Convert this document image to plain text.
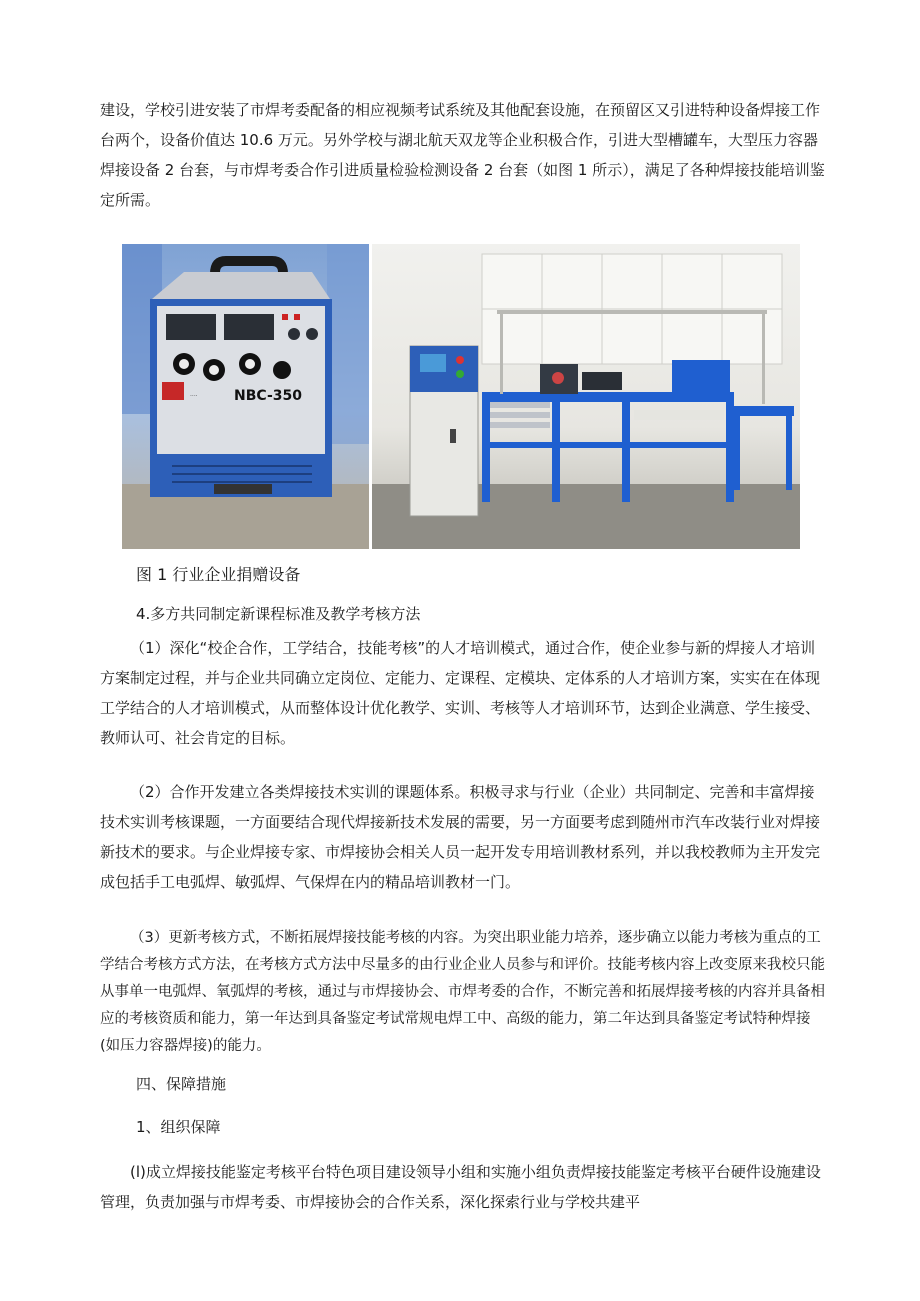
建设，学校引进安装了市焊考委配备的相应视频考试系统及其他配套设施，在预留区又引进特种设备焊接工作台两个，设备价值达 10.6 万元。另外学校与湖北航天双龙等企业积极合作，引进大型槽罐车，大型压力容器焊接设备 2 台套，与市焊考委合作引进质量检验检测设备 2 台套（如图 1 所示），满足了各种焊接技能培训鉴定所需。

....	NBC-350
图 1 行业企业捐赠设备
4.多方共同制定新课程标准及教学考核方法

（1）深化“校企合作，工学结合，技能考核”的人才培训模式，通过合作，使企业参与新的焊接人才培训方案制定过程，并与企业共同确立定岗位、定能力、定课程、定模块、定体系的人才培训方案，实实在在体现工学结合的人才培训模式，从而整体设计优化教学、实训、考核等人才培训环节，达到企业满意、学生接受、教师认可、社会肯定的目标。

（2）合作开发建立各类焊接技术实训的课题体系。积极寻求与行业（企业）共同制定、完善和丰富焊接技术实训考核课题，一方面要结合现代焊接新技术发展的需要，另一方面要考虑到随州市汽车改装行业对焊接新技术的要求。与企业焊接专家、市焊接协会相关人员一起开发专用培训教材系列，并以我校教师为主开发完成包括手工电弧焊、敏弧焊、气保焊在内的精品培训教材一门。

（3）更新考核方式，不断拓展焊接技能考核的内容。为突出职业能力培养，逐步确立以能力考核为重点的工学结合考核方式方法，在考核方式方法中尽量多的由行业企业人员参与和评价。技能考核内容上改变原来我校只能从事单一电弧焊、氧弧焊的考核，通过与市焊接协会、市焊考委的合作，不断完善和拓展焊接考核的内容并具备相应的考核资质和能力，第一年达到具备鉴定考试常规电焊工中、高级的能力，第二年达到具备鉴定考试特种焊接(如压力容器焊接)的能力。

四、保障措施
1、组织保障

(l)成立焊接技能鉴定考核平台特色项目建设领导小组和实施小组负责焊接技能鉴定考核平台硬件设施建设管理，负责加强与市焊考委、市焊接协会的合作关系，深化探索行业与学校共建平
